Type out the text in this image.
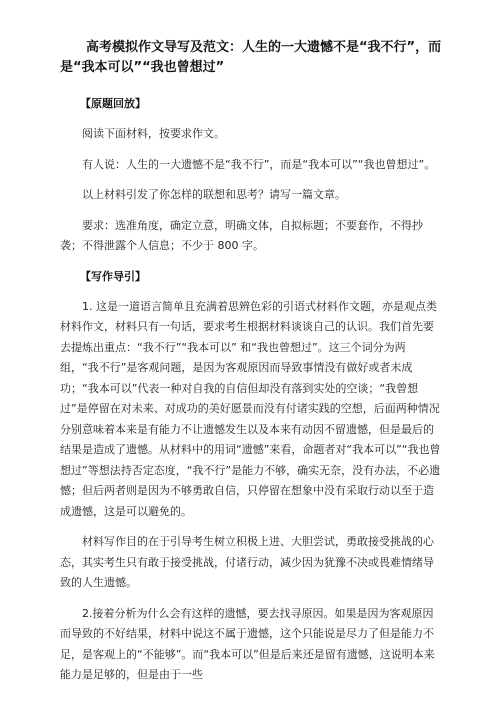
高考模拟作文导写及范文：人生的一大遗憾不是“我不行”，而是“我本可以”“我也曾想过”
【原题回放】
阅读下面材料，按要求作文。
有人说：人生的一大遗憾不是“我不行”，而是“我本可以”“我也曾想过”。
以上材料引发了你怎样的联想和思考？请写一篇文章。
要求：选准角度，确定立意，明确文体，自拟标题；不要套作，不得抄袭；不得泄露个人信息；不少于 800 字。
【写作导引】
1. 这是一道语言简单且充满着思辨色彩的引语式材料作文题，亦是观点类材料作文，材料只有一句话，要求考生根据材料谈谈自己的认识。我们首先要去提炼出重点：“我不行”“我本可以” 和“我也曾想过”。这三个词分为两组，“我不行”是客观问题，是因为客观原因而导致事情没有做好或者未成功；“我本可以”代表一种对自我的自信但却没有落到实处的空谈；“我曾想过”是停留在对未来、对成功的美好愿景而没有付诸实践的空想，后面两种情况分别意味着本来是有能力不让遗憾发生以及本来有动因不留遗憾，但是最后的结果是造成了遗憾。从材料中的用词“遗憾”来看，命题者对“我本可以”“我也曾想过”等想法持否定态度，“我不行”是能力不够，确实无奈，没有办法，不必遗憾；但后两者则是因为不够勇敢自信，只停留在想象中没有采取行动以至于造成遗憾，这是可以避免的。
材料写作目的在于引导考生树立积极上进、大胆尝试，勇敢接受挑战的心态，其实考生只有敢于接受挑战，付诸行动，减少因为犹豫不决或畏难情绪导致的人生遗憾。
2.接着分析为什么会有这样的遗憾，要去找寻原因。如果是因为客观原因而导致的不好结果，材料中说这不属于遗憾，这个只能说是尽力了但是能力不足，是客观上的“不能够”。而“我本可以”但是后来还是留有遗憾，这说明本来能力是足够的，但是由于一些
